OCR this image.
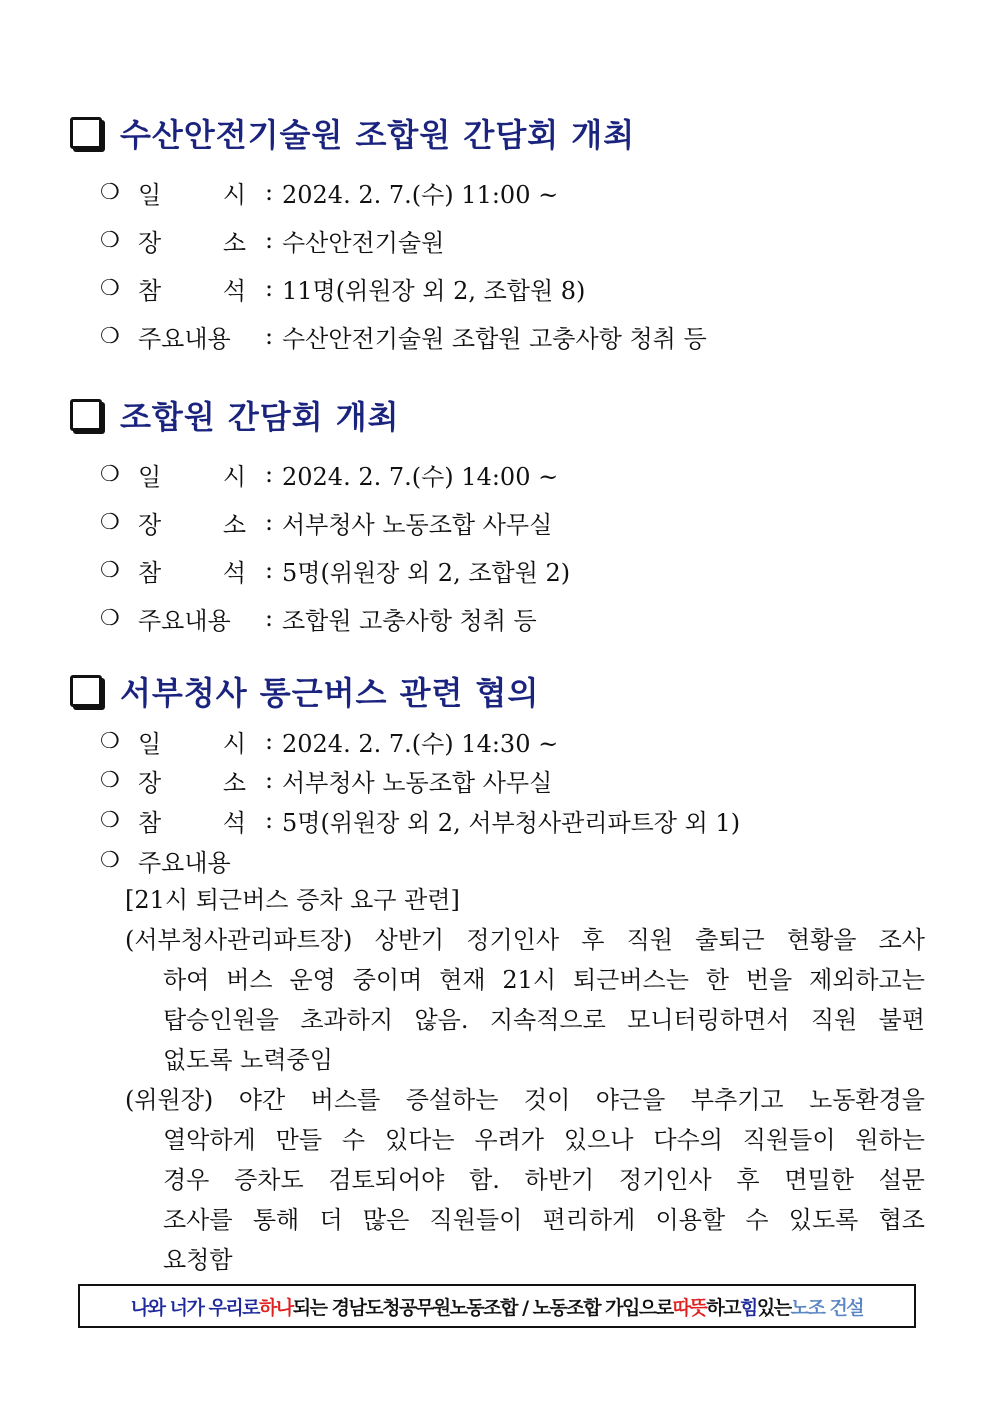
수산안전기술원 조합원 간담회 개최
❍ 일	시 : 2024. 2. 7.(수) 11:00 ~
❍ 장	소 : 수산안전기술원
❍ 참	석 : 11명(위원장 외 2, 조합원 8)
❍ 주요내용	: 수산안전기술원 조합원 고충사항 청취 등
조합원 간담회 개최
❍ 일	시 : 2024. 2. 7.(수) 14:00 ~
❍ 장	소 : 서부청사 노동조합 사무실
❍ 참	석 : 5명(위원장 외 2, 조합원 2)
❍ 주요내용	: 조합원 고충사항 청취 등
서부청사 통근버스 관련 협의
❍ 일	시 : 2024. 2. 7.(수) 14:30 ~
❍ 장	소 : 서부청사 노동조합 사무실
❍ 참	석 : 5명(위원장 외 2, 서부청사관리파트장 외 1)
❍ 주요내용
[21시 퇴근버스 증차 요구 관련]
(서부청사관리파트장) 상반기 정기인사 후 직원 출퇴근 현황을 조사
하여 버스 운영 중이며 현재 21시 퇴근버스는 한 번을 제외하고는
탑승인원을 초과하지 않음. 지속적으로 모니터링하면서 직원 불편
없도록 노력중임
(위원장) 야간 버스를 증설하는 것이 야근을 부추기고 노동환경을
열악하게 만들 수 있다는 우려가 있으나 다수의 직원들이 원하는
경우 증차도 검토되어야 함. 하반기 정기인사 후 면밀한 설문
조사를 통해 더 많은 직원들이 편리하게 이용할 수 있도록 협조
요청함
나와 너가 우리로 하나 되는 경남도청공무원노동조합 / 노동조합 가입으로 따뜻 하고 힘 있는 노조 건설
